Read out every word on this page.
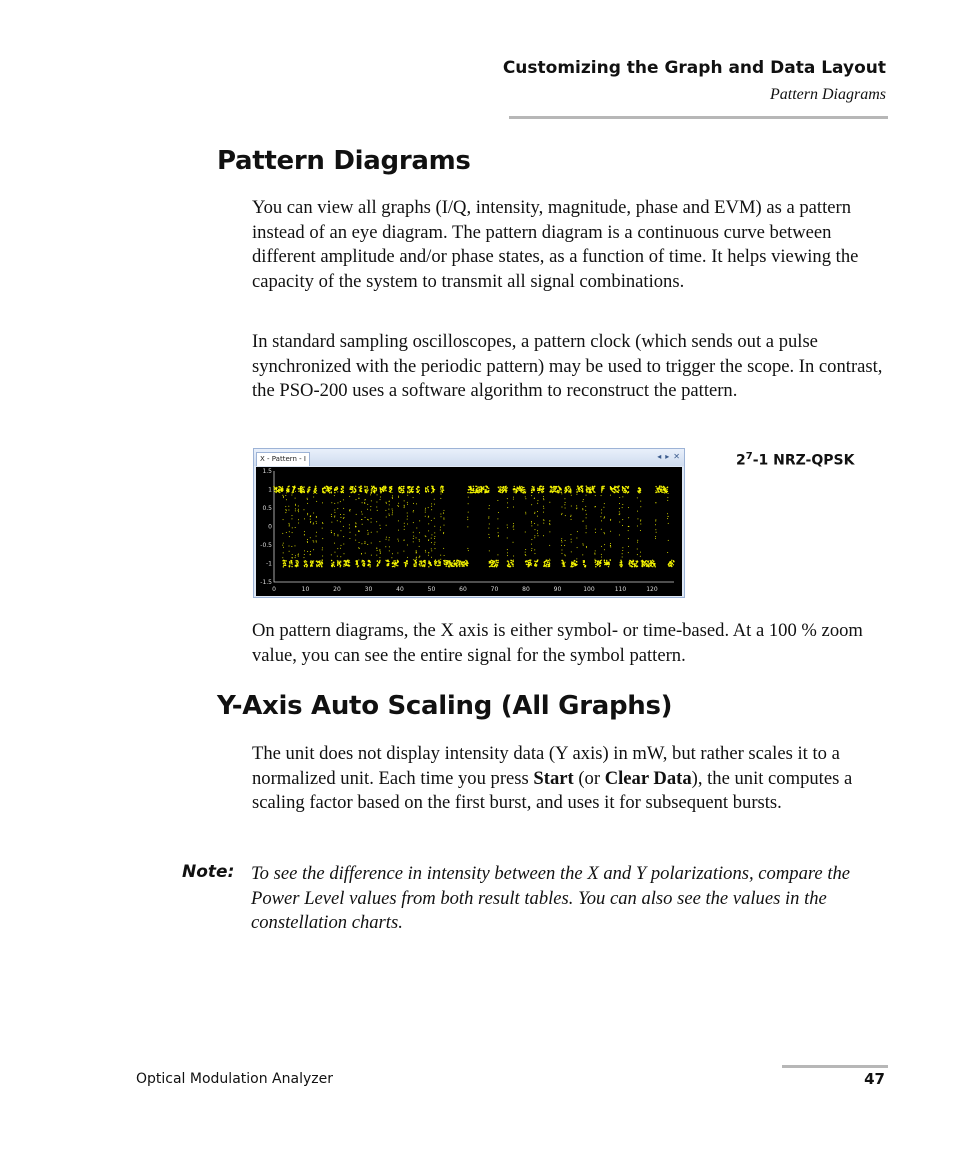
Customizing the Graph and Data Layout
Pattern Diagrams
Pattern Diagrams

You can view all graphs (I/Q, intensity, magnitude, phase and EVM) as a pattern instead of an eye diagram. The pattern diagram is a continuous curve between different amplitude and/or phase states, as a function of time. It helps viewing the capacity of the system to transmit all signal combinations.

In standard sampling oscilloscopes, a pattern clock (which sends out a pulse synchronized with the periodic pattern) may be used to trigger the scope. In contrast, the PSO-200 uses a software algorithm to reconstruct the pattern.

X - Pattern - I	◂ ▸ ✕
1.5
1
0.5
0
-0.5
-1
-1.5
0	10	20	30	40	50	60	70	80	90	100	110	120
$2^7-1$ NRZ-QPSK

On pattern diagrams, the X axis is either symbol- or time-based. At a 100 % zoom value, you can see the entire signal for the symbol pattern.

Y-Axis Auto Scaling (All Graphs)

The unit does not display intensity data (Y axis) in mW, but rather scales it to a normalized unit. Each time you press Start (or Clear Data), the unit computes a scaling factor based on the first burst, and uses it for subsequent bursts.

Note: To see the difference in intensity between the X and Y polarizations, compare the Power Level values from both result tables. You can also see the values in the constellation charts.

Optical Modulation Analyzer	47
